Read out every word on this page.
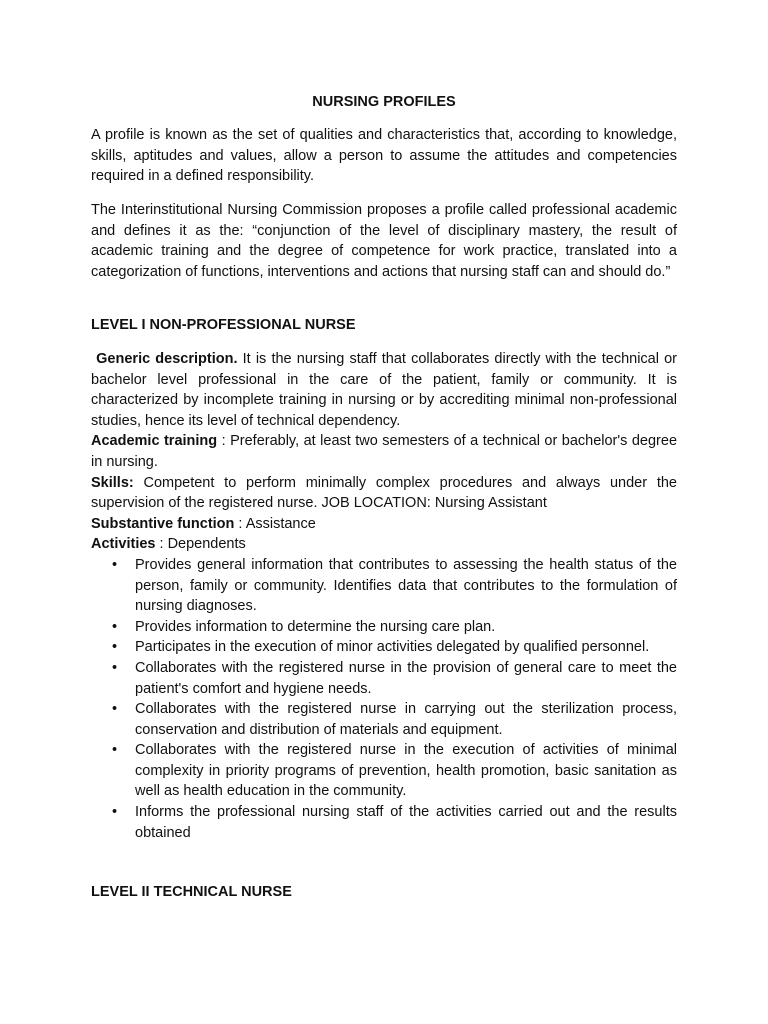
NURSING PROFILES
A profile is known as the set of qualities and characteristics that, according to knowledge, skills, aptitudes and values, allow a person to assume the attitudes and competencies required in a defined responsibility.
The Interinstitutional Nursing Commission proposes a profile called professional academic and defines it as the: “conjunction of the level of disciplinary mastery, the result of academic training and the degree of competence for work practice, translated into a categorization of functions, interventions and actions that nursing staff can and should do.”
LEVEL I NON-PROFESSIONAL NURSE
Generic description. It is the nursing staff that collaborates directly with the technical or bachelor level professional in the care of the patient, family or community. It is characterized by incomplete training in nursing or by accrediting minimal non-professional studies, hence its level of technical dependency.
Academic training : Preferably, at least two semesters of a technical or bachelor's degree in nursing.
Skills: Competent to perform minimally complex procedures and always under the supervision of the registered nurse. JOB LOCATION: Nursing Assistant
Substantive function : Assistance
Activities : Dependents
• Provides general information that contributes to assessing the health status of the person, family or community. Identifies data that contributes to the formulation of nursing diagnoses.
• Provides information to determine the nursing care plan.
• Participates in the execution of minor activities delegated by qualified personnel.
• Collaborates with the registered nurse in the provision of general care to meet the patient's comfort and hygiene needs.
• Collaborates with the registered nurse in carrying out the sterilization process, conservation and distribution of materials and equipment.
• Collaborates with the registered nurse in the execution of activities of minimal complexity in priority programs of prevention, health promotion, basic sanitation as well as health education in the community.
• Informs the professional nursing staff of the activities carried out and the results obtained
LEVEL II TECHNICAL NURSE
